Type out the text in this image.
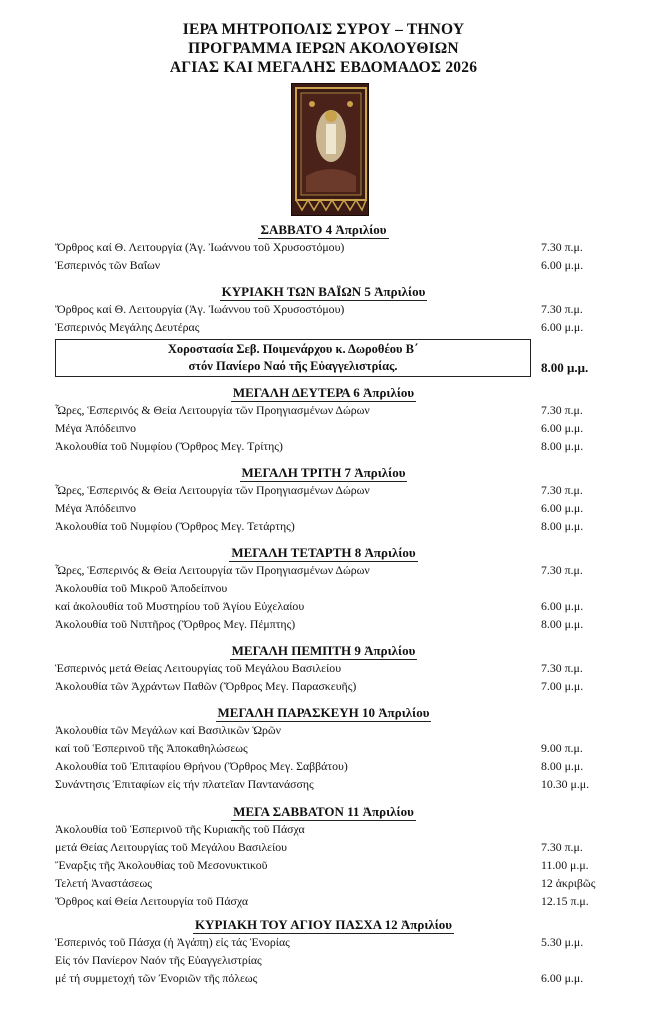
ΙΕΡΑ ΜΗΤΡΟΠΟΛΙΣ ΣΥΡΟΥ – ΤΗΝΟΥ
ΠΡΟΓΡΑΜΜΑ ΙΕΡΩΝ ΑΚΟΛΟΥΘΙΩΝ
ΑΓΙΑΣ ΚΑΙ ΜΕΓΑΛΗΣ ΕΒΔΟΜΑΔΟΣ 2026
ΣΑΒΒΑΤΟ 4 Ἀπριλίου
Ὄρθρος καί Θ. Λειτουργία (Ἁγ. Ἰωάννου τοῦ Χρυσοστόμου)	7.30 π.μ.
Ἑσπερινός τῶν Βαΐων	6.00 μ.μ.
ΚΥΡΙΑΚΗ ΤΩΝ ΒΑΪΩΝ 5 Ἀπριλίου
Ὄρθρος καί Θ. Λειτουργία (Ἁγ. Ἰωάννου τοῦ Χρυσοστόμου)	7.30 π.μ.
Ἑσπερινός Μεγάλης Δευτέρας	6.00 μ.μ.
Χοροστασία Σεβ. Ποιμενάρχου κ. Δωροθέου Β΄
στόν Πανίερο Ναό τῆς Εὐαγγελιστρίας.	8.00 μ.μ.
ΜΕΓΑΛΗ ΔΕΥΤΕΡΑ 6 Ἀπριλίου
Ὧρες, Ἑσπερινός & Θεία Λειτουργία τῶν Προηγιασμένων Δώρων	7.30 π.μ.
Μέγα Ἀπόδειπνο	6.00 μ.μ.
Ἀκολουθία τοῦ Νυμφίου (Ὄρθρος Μεγ. Τρίτης)	8.00 μ.μ.
ΜΕΓΑΛΗ ΤΡΙΤΗ 7 Ἀπριλίου
Ὧρες, Ἑσπερινός & Θεία Λειτουργία τῶν Προηγιασμένων Δώρων	7.30 π.μ.
Μέγα Ἀπόδειπνο	6.00 μ.μ.
Ἀκολουθία τοῦ Νυμφίου (Ὄρθρος Μεγ. Τετάρτης)	8.00 μ.μ.
ΜΕΓΑΛΗ ΤΕΤΑΡΤΗ 8 Ἀπριλίου
Ὧρες, Ἑσπερινός & Θεία Λειτουργία τῶν Προηγιασμένων Δώρων	7.30 π.μ.
Ἀκολουθία τοῦ Μικροῦ Ἀποδείπνου
καί ἀκολουθία τοῦ Μυστηρίου τοῦ Ἁγίου Εὐχελαίου	6.00 μ.μ.
Ἀκολουθία τοῦ Νιπτῆρος (Ὄρθρος Μεγ. Πέμπτης)	8.00 μ.μ.
ΜΕΓΑΛΗ ΠΕΜΠΤΗ 9 Ἀπριλίου
Ἑσπερινός μετά Θείας Λειτουργίας τοῦ Μεγάλου Βασιλείου	7.30 π.μ.
Ἀκολουθία τῶν Ἀχράντων Παθῶν (Ὄρθρος Μεγ. Παρασκευῆς)	7.00 μ.μ.
ΜΕΓΑΛΗ ΠΑΡΑΣΚΕΥΗ 10 Ἀπριλίου
Ἀκολουθία τῶν Μεγάλων καί Βασιλικῶν Ὡρῶν
καί τοῦ Ἑσπερινοῦ τῆς Ἀποκαθηλώσεως	9.00 π.μ.
Ακολουθία τοῦ Ἐπιταφίου Θρήνου (Ὄρθρος Μεγ. Σαββάτου)	8.00 μ.μ.
Συνάντησις Ἐπιταφίων εἰς τήν πλατεῖαν Παντανάσσης	10.30 μ.μ.
ΜΕΓΑ ΣΑΒΒΑΤΟΝ 11 Ἀπριλίου
Ἀκολουθία τοῦ Ἑσπερινοῦ τῆς Κυριακῆς τοῦ Πάσχα
μετά Θείας Λειτουργίας τοῦ Μεγάλου Βασιλείου	7.30 π.μ.
Ἔναρξις τῆς Ἀκολουθίας τοῦ Μεσονυκτικοῦ	11.00 μ.μ.
Τελετή Ἀναστάσεως	12 ἀκριβῶς
Ὄρθρος καί Θεία Λειτουργία τοῦ Πάσχα	12.15 π.μ.
ΚΥΡΙΑΚΗ ΤΟΥ ΑΓΙΟΥ ΠΑΣΧΑ 12 Ἀπριλίου
Ἑσπερινός τοῦ Πάσχα (ἡ Ἀγάπη) εἰς τάς Ἐνορίας	5.30 μ.μ.
Εἰς τόν Πανίερον Ναόν τῆς Εὐαγγελιστρίας
μέ τή συμμετοχή τῶν Ἐνοριῶν τῆς πόλεως	6.00 μ.μ.
